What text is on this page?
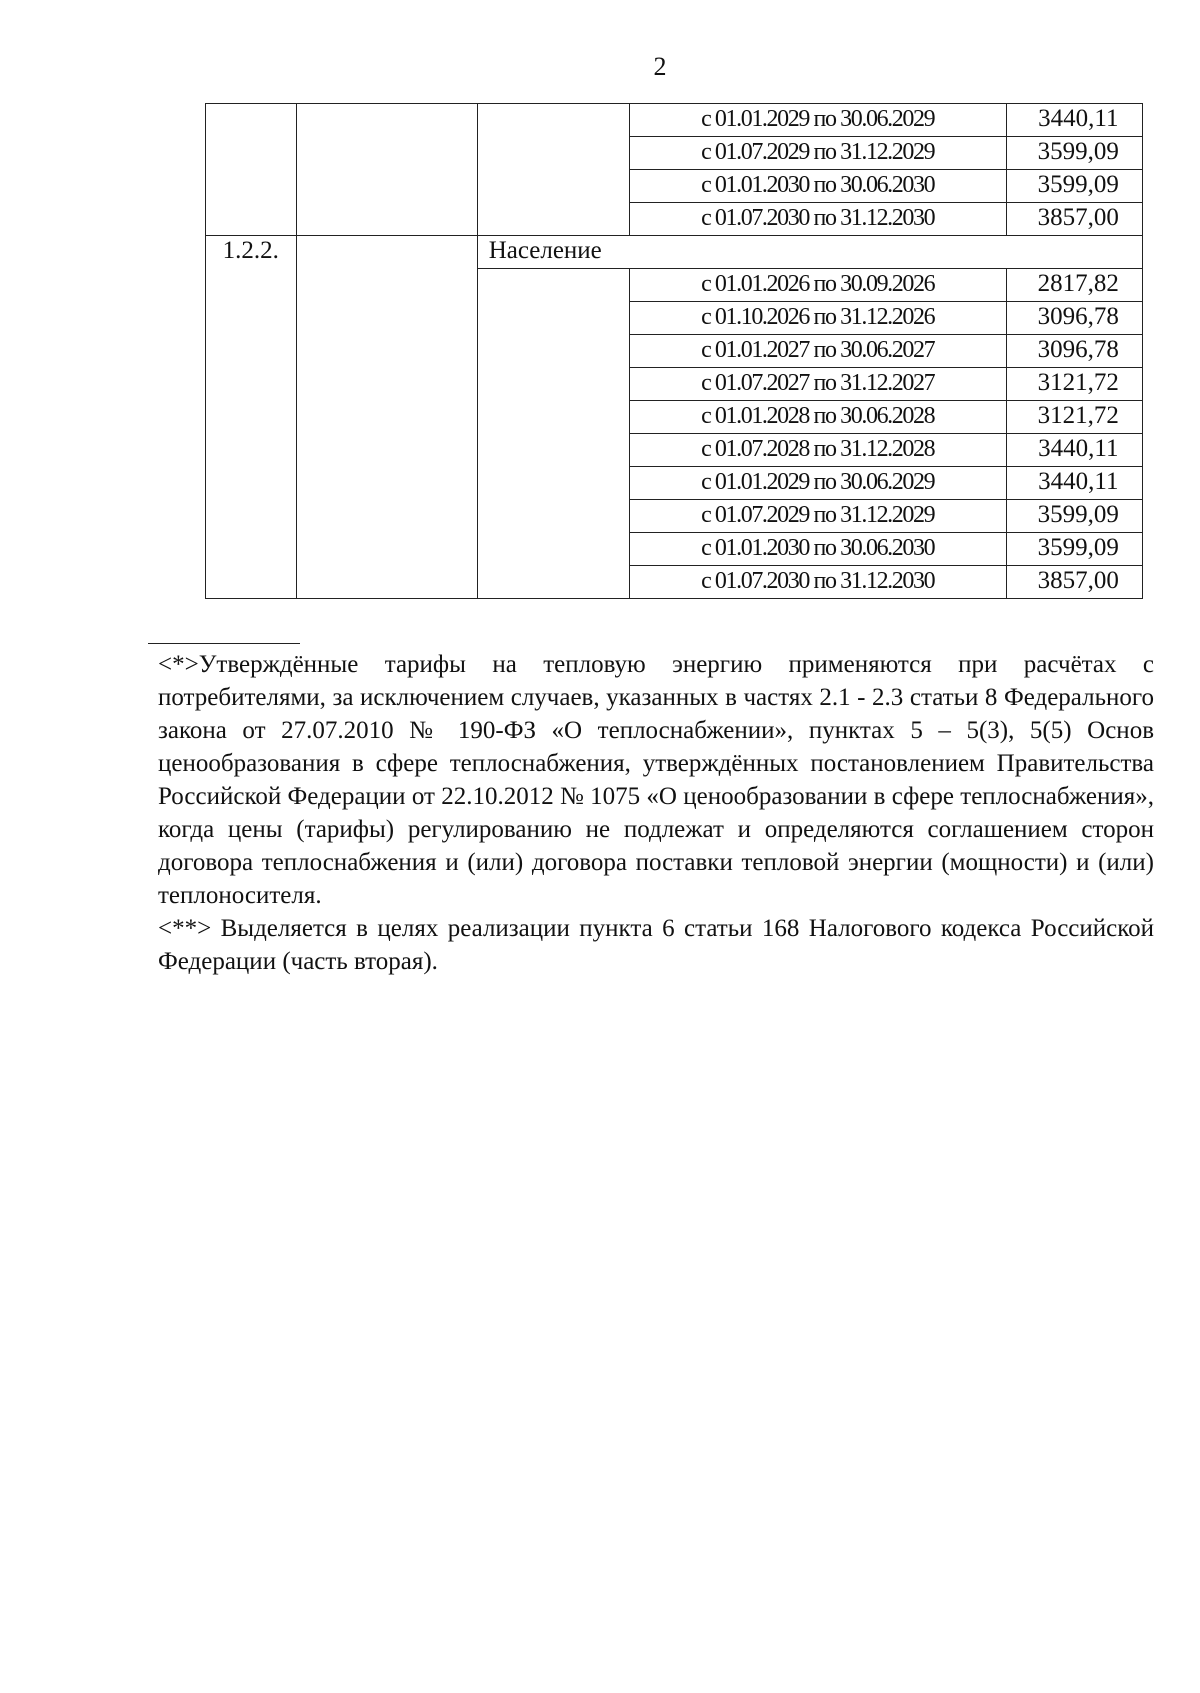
2
			с 01.01.2029 по 30.06.2029	3440,11
			с 01.07.2029 по 31.12.2029	3599,09
			с 01.01.2030 по 30.06.2030	3599,09
			с 01.07.2030 по 31.12.2030	3857,00
1.2.2.		Население		
			с 01.01.2026 по 30.09.2026	2817,82
			с 01.10.2026 по 31.12.2026	3096,78
			с 01.01.2027 по 30.06.2027	3096,78
			с 01.07.2027 по 31.12.2027	3121,72
			с 01.01.2028 по 30.06.2028	3121,72
			с 01.07.2028 по 31.12.2028	3440,11
			с 01.01.2029 по 30.06.2029	3440,11
			с 01.07.2029 по 31.12.2029	3599,09
			с 01.01.2030 по 30.06.2030	3599,09
			с 01.07.2030 по 31.12.2030	3857,00

<*>Утверждённые тарифы на тепловую энергию применяются при расчётах с потребителями, за исключением случаев, указанных в частях 2.1 - 2.3 статьи 8 Федерального закона от 27.07.2010 № 190-ФЗ «О теплоснабжении», пунктах 5 – 5(3), 5(5) Основ ценообразования в сфере теплоснабжения, утверждённых постановлением Правительства Российской Федерации от 22.10.2012 № 1075 «О ценообразовании в сфере теплоснабжения», когда цены (тарифы) регулированию не подлежат и определяются соглашением сторон договора теплоснабжения и (или) договора поставки тепловой энергии (мощности) и (или) теплоносителя.

<**> Выделяется в целях реализации пункта 6 статьи 168 Налогового кодекса Российской Федерации (часть вторая).
